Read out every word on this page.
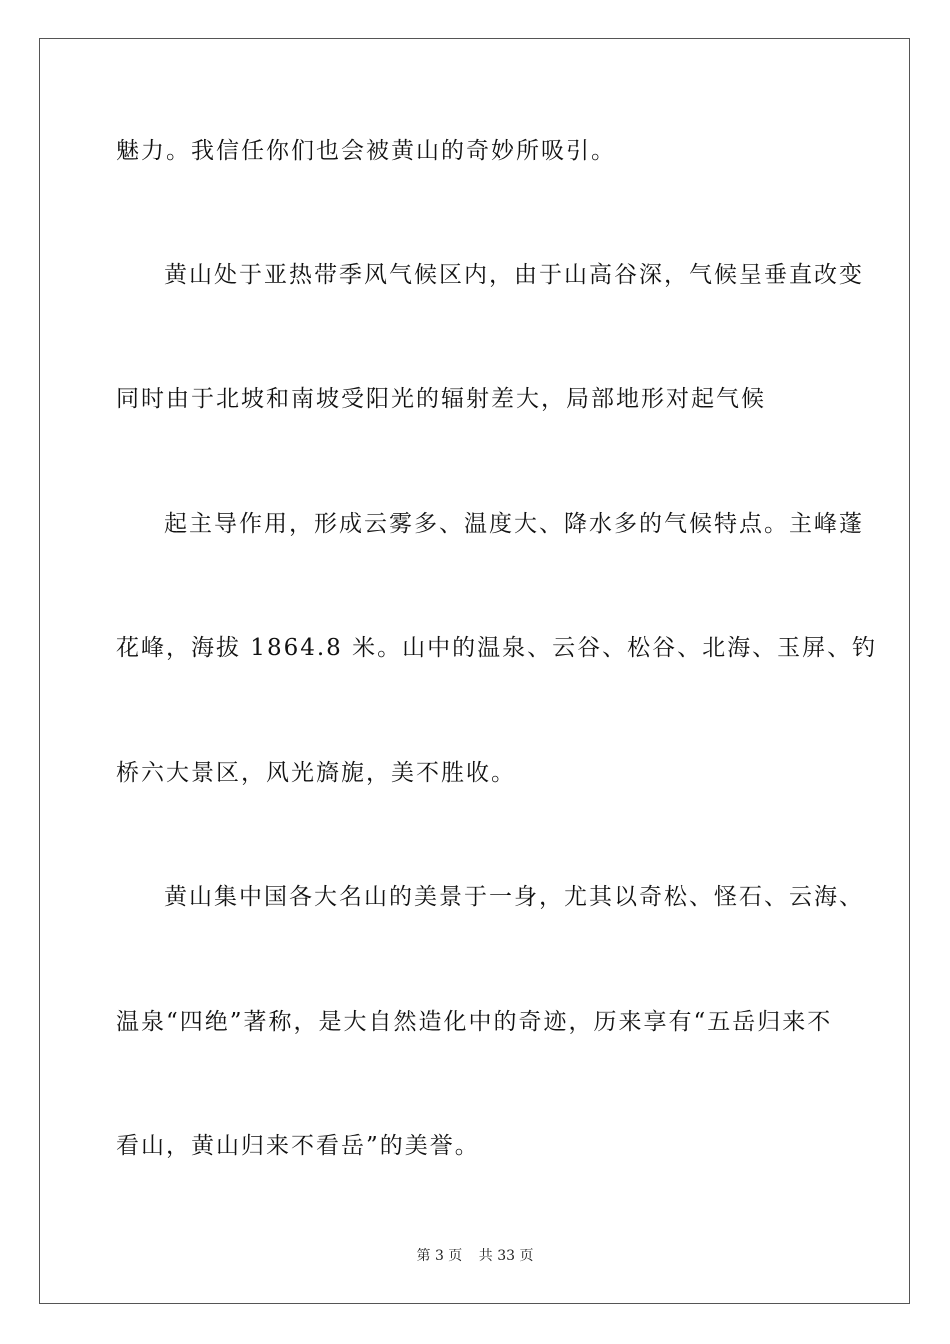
魅力。我信任你们也会被黄山的奇妙所吸引。
黄山处于亚热带季风气候区内，由于山高谷深，气候呈垂直改变
同时由于北坡和南坡受阳光的辐射差大，局部地形对起气候
起主导作用，形成云雾多、温度大、降水多的气候特点。主峰蓬
花峰，海拔 1864.8 米。山中的温泉、云谷、松谷、北海、玉屏、钓
桥六大景区，风光旖旎，美不胜收。
黄山集中国各大名山的美景于一身，尤其以奇松、怪石、云海、
温泉“四绝”著称，是大自然造化中的奇迹，历来享有“五岳归来不
看山，黄山归来不看岳”的美誉。
第 3 页 共 33 页
